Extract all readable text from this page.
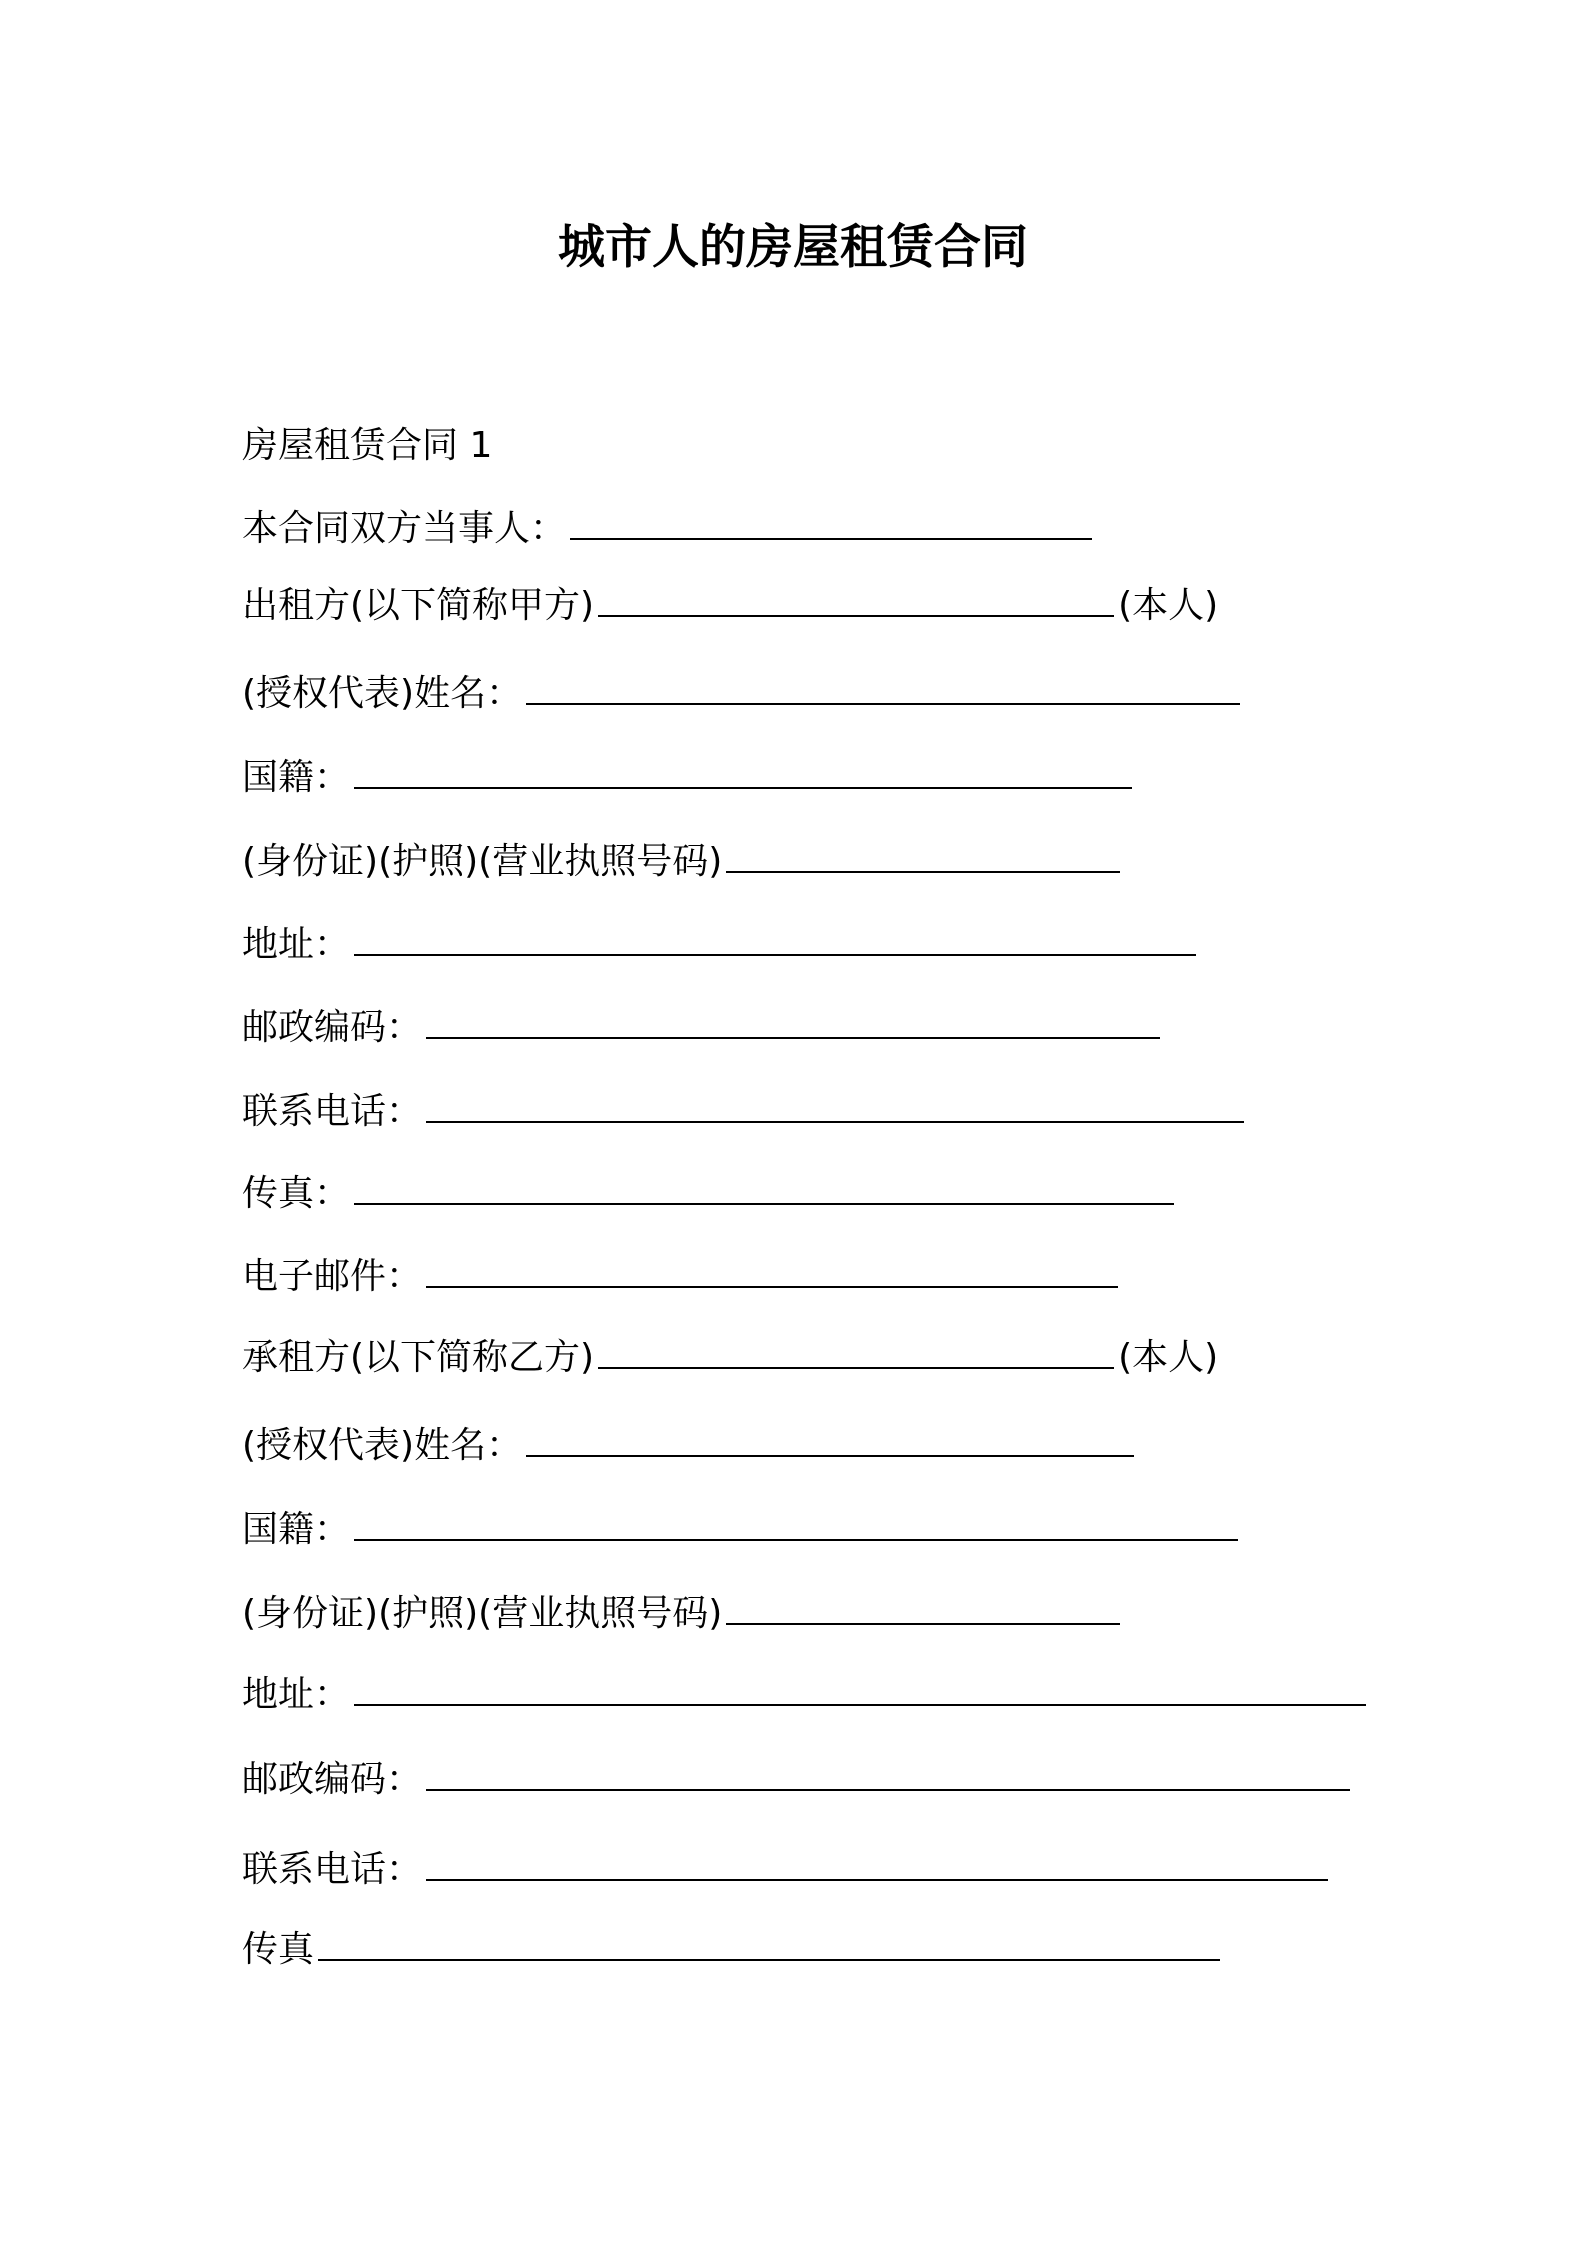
城市人的房屋租赁合同
房屋租赁合同 1
本合同双方当事人：
出租方(以下简称甲方)	(本人)
(授权代表)姓名：
国籍：
(身份证)(护照)(营业执照号码)
地址：
邮政编码：
联系电话：
传真：
电子邮件：
承租方(以下简称乙方)	(本人)
(授权代表)姓名：
国籍：
(身份证)(护照)(营业执照号码)
地址：
邮政编码：
联系电话：
传真
